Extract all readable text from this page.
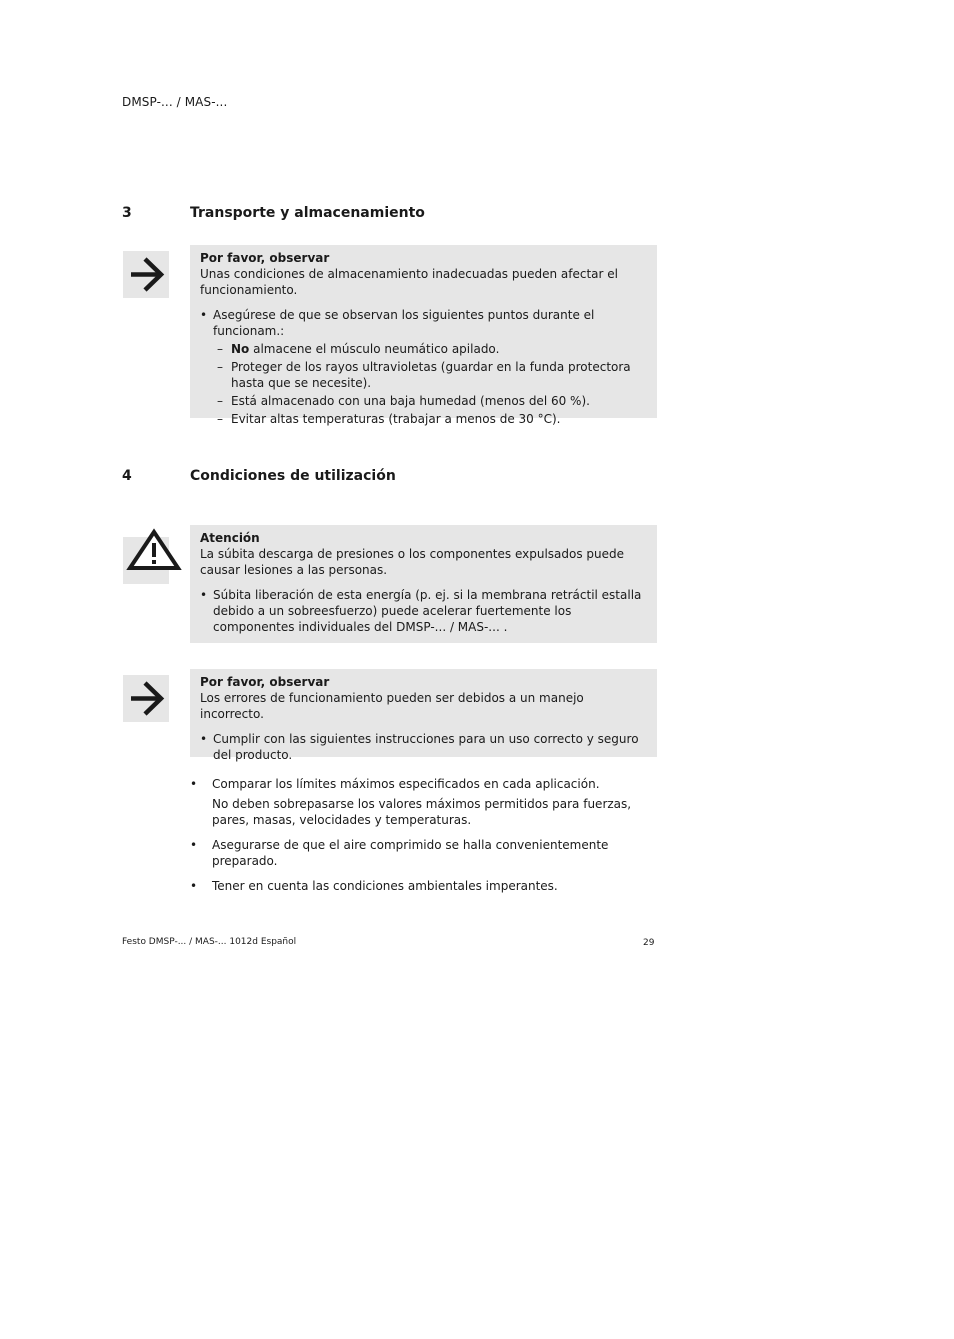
DMSP-... / MAS-...
3	Transporte y almacenamiento
Por favor, observar
Unas condiciones de almacenamiento inadecuadas pueden afectar el funcionamiento.
• Asegúrese de que se observan los siguientes puntos durante el funcionam.:
– No almacene el músculo neumático apilado.
– Proteger de los rayos ultravioletas (guardar en la funda protectora hasta que se necesite).
– Está almacenado con una baja humedad (menos del 60 %).
– Evitar altas temperaturas (trabajar a menos de 30 °C).
4	Condiciones de utilización
Atención
La súbita descarga de presiones o los componentes expulsados puede causar lesiones a las personas.
• Súbita liberación de esta energía (p. ej. si la membrana retráctil estalla debido a un sobreesfuerzo) puede acelerar fuertemente los componentes individuales del DMSP-... / MAS-... .
Por favor, observar
Los errores de funcionamiento pueden ser debidos a un manejo incorrecto.
• Cumplir con las siguientes instrucciones para un uso correcto y seguro del producto.
• Comparar los límites máximos especificados en cada aplicación.

No deben sobrepasarse los valores máximos permitidos para fuerzas, pares, masas, velocidades y temperaturas.

• Asegurarse de que el aire comprimido se halla convenientemente preparado.

• Tener en cuenta las condiciones ambientales imperantes.

Festo DMSP-... / MAS-... 1012d Español	29
